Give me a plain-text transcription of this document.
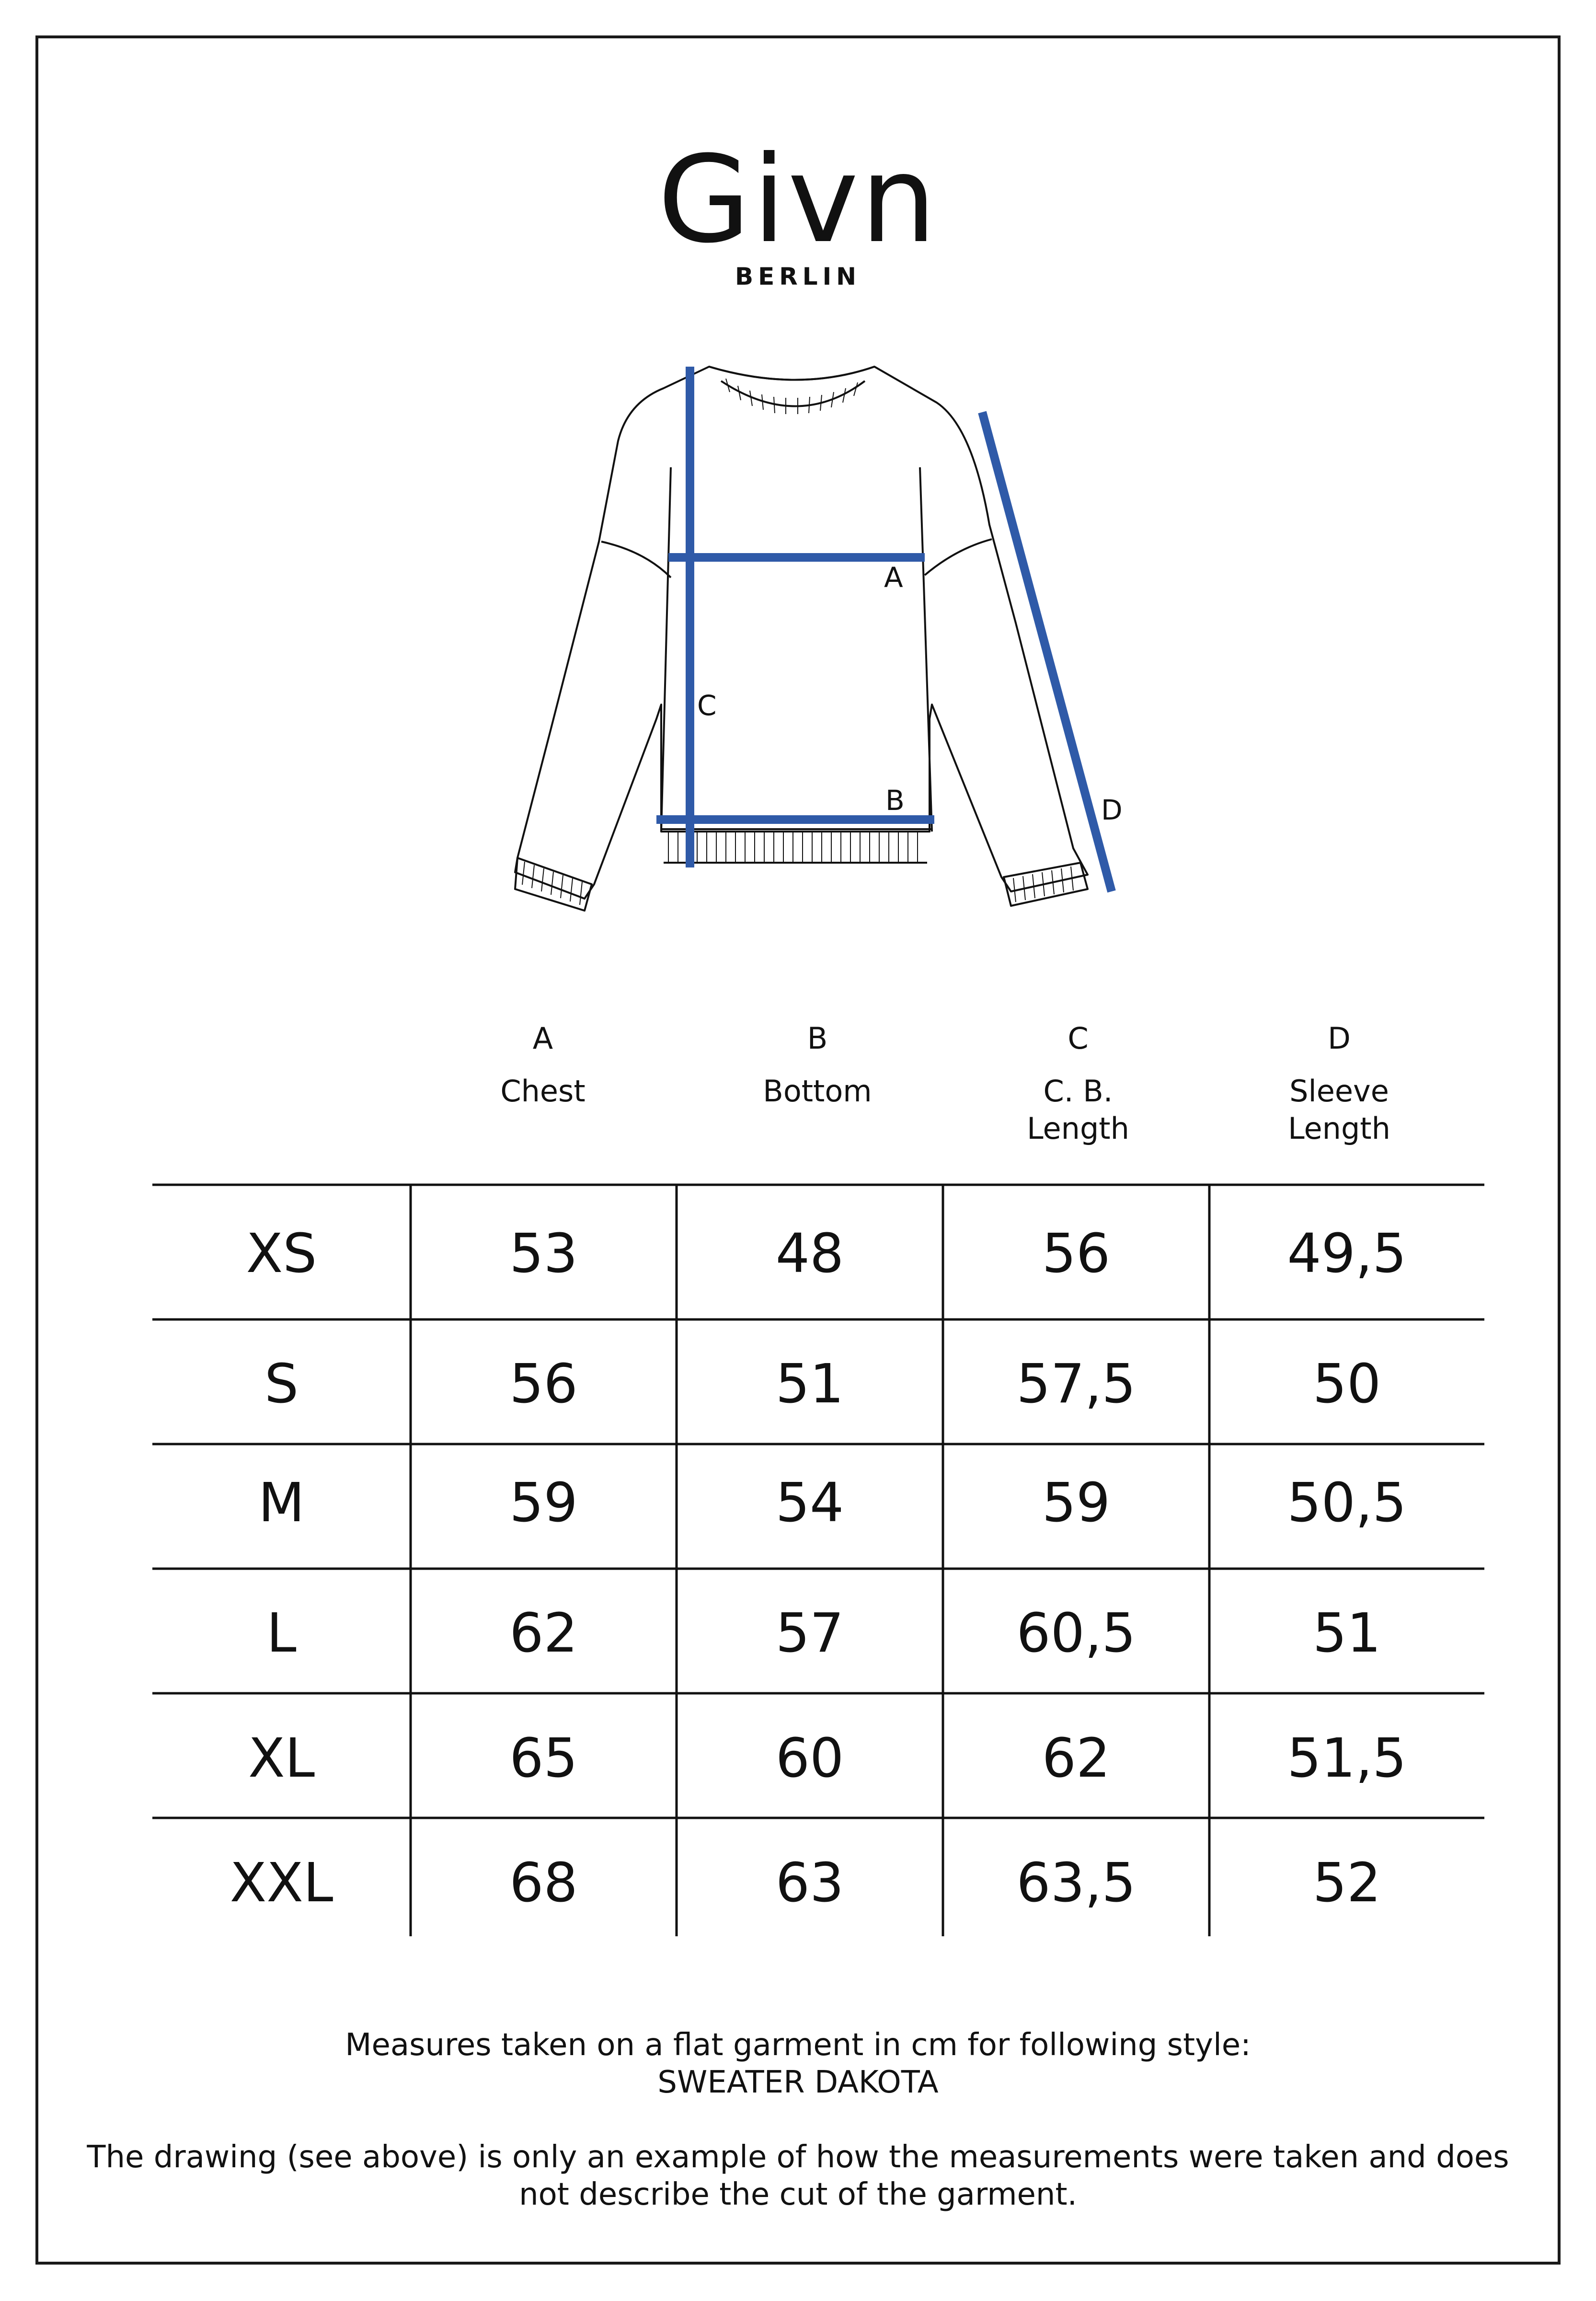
Givn
BERLIN
A
B
C
D
A
Chest
B
Bottom
C
C. B.
Length
D
Sleeve
Length
XS	53	48	56	49,5
S	56	51	57,5	50
M	59	54	59	50,5
L	62	57	60,5	51
XL	65	60	62	51,5
XXL	68	63	63,5	52
Measures taken on a flat garment in cm for following style:
SWEATER DAKOTA
The drawing (see above) is only an example of how the measurements were taken and does
not describe the cut of the garment.
